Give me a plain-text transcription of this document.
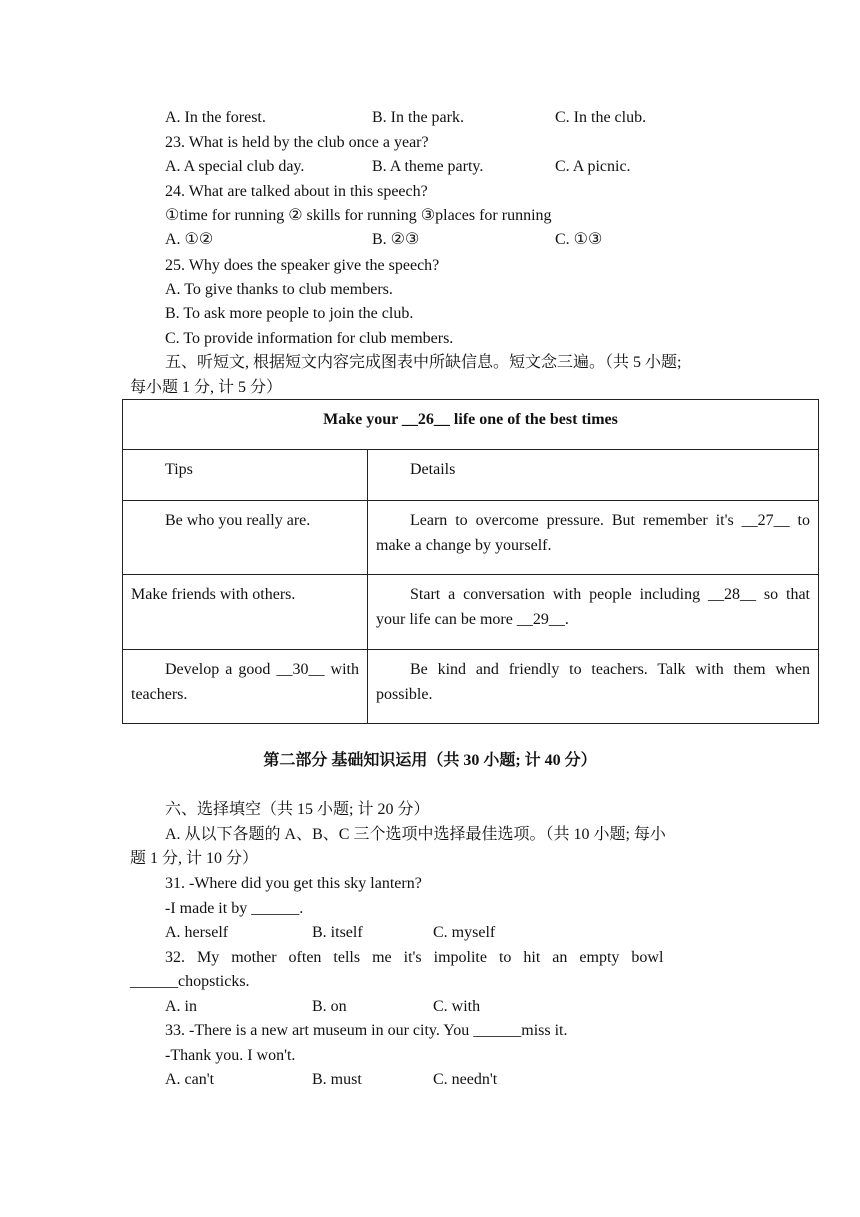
A. In the forest.	B. In the park.	C. In the club.
23. What is held by the club once a year?
A. A special club day.	B. A theme party.	C. A picnic.
24. What are talked about in this speech?
①time for running ② skills for running ③places for running
A. ①②	B. ②③	C. ①③
25. Why does the speaker give the speech?
A. To give thanks to club members.
B. To ask more people to join the club.
C. To provide information for club members.
五、听短文, 根据短文内容完成图表中所缺信息。短文念三遍。（共 5 小题;
每小题 1 分, 计 5 分）
Make your __26__ life one of the best times	
Tips	Details
Be who you really are.	Learn to overcome pressure. But remember it's __27__ to make a change by yourself.
Make friends with others.	Start a conversation with people including __28__ so that your life can be more __29__.
Develop a good __30__ with teachers.	Be kind and friendly to teachers. Talk with them when possible.
第二部分 基础知识运用（共 30 小题; 计 40 分）
六、选择填空（共 15 小题; 计 20 分）
A. 从以下各题的 A、B、C 三个选项中选择最佳选项。（共 10 小题; 每小
题 1 分, 计 10 分）
31. -Where did you get this sky lantern?
-I made it by ______.
A. herself	B. itself	C. myself
32.   My   mother   often   tells   me   it's   impolite   to   hit   an   empty   bowl
______chopsticks.
A. in	B. on	C. with
33. -There is a new art museum in our city. You ______miss it.
-Thank you. I won't.
A. can't	B. must	C. needn't
